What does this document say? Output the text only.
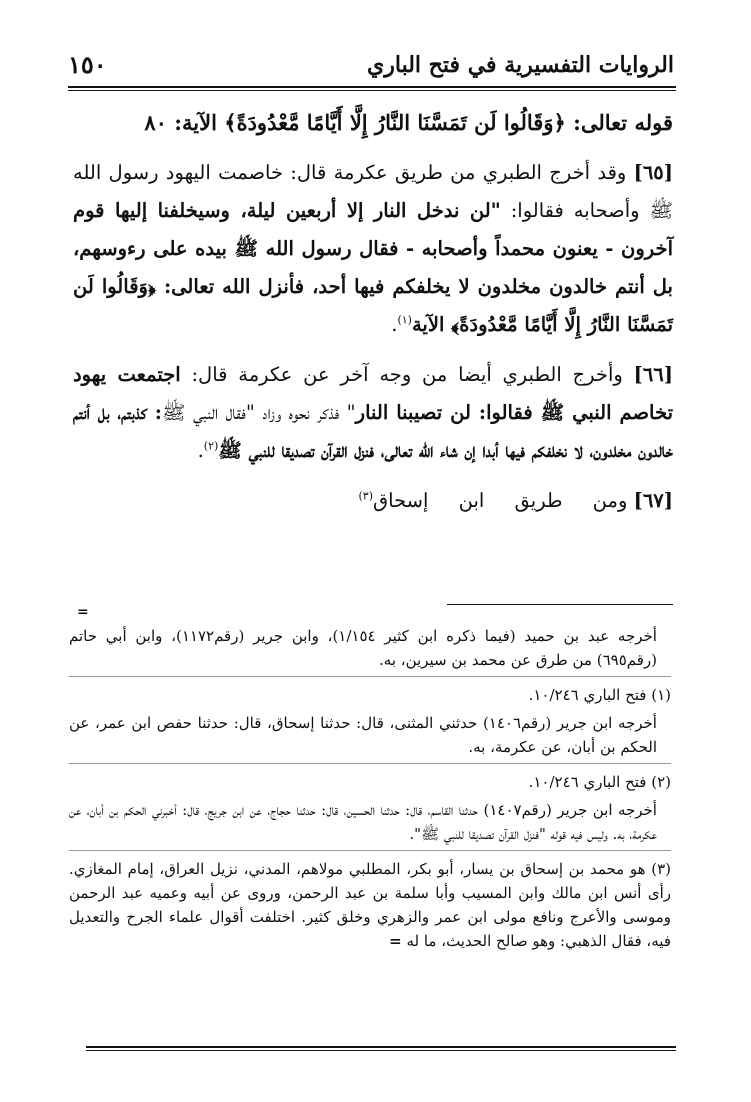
الروايات التفسيرية في فتح الباري
١٥٠

قوله تعالى: ﴿وَقَالُوا لَن تَمَسَّنَا النَّارُ إِلَّا أَيَّامًا مَّعْدُودَةً﴾ الآية: ٨٠

[٦٥] وقد أخرج الطبري من طريق عكرمة قال: خاصمت اليهود رسول الله ﷺ وأصحابه فقالوا: "لن ندخل النار إلا أربعين ليلة، وسيخلفنا إليها قوم آخرون - يعنون محمداً وأصحابه - فقال رسول الله ﷺ بيده على رءوسهم، بل أنتم خالدون مخلدون لا يخلفكم فيها أحد، فأنزل الله تعالى: ﴿وَقَالُوا لَن تَمَسَّنَا النَّارُ إِلَّا أَيَّامًا مَّعْدُودَةً﴾ الآية$^{(١)}$.

[٦٦] وأخرج الطبري أيضا من وجه آخر عن عكرمة قال: اجتمعت يهود تخاصم النبي ﷺ فقالوا: لن تصيبنا النار" فذكر نحوه وزاد "فقال النبي ﷺ: كذبتم، بل أنتم خالدون مخلدون، لا نخلفكم فيها أبدا إن شاء الله تعالى، فنزل القرآن تصديقا للنبي ﷺ$^{(٢)}$.

[٦٧] ومن طريق ابن إسحاق$^{(٣)}$

=
أخرجه عبد بن حميد (فيما ذكره ابن كثير ١/١٥٤)، وابن جرير (رقم١١٧٢)، وابن أبي حاتم (رقم٦٩٥) من طرق عن محمد بن سيرين، به.
(١) فتح الباري ١٠/٢٤٦.
أخرجه ابن جرير (رقم١٤٠٦) حدثني المثنى، قال: حدثنا إسحاق، قال: حدثنا حفص ابن عمر، عن الحكم بن أبان، عن عكرمة، به.
(٢) فتح الباري ١٠/٢٤٦.
أخرجه ابن جرير (رقم١٤٠٧) حدثنا القاسم، قال: حدثنا الحسين، قال: حدثنا حجاج، عن ابن جريج، قال: أخبرني الحكم بن أبان، عن عكرمة، به. وليس فيه قوله "فنزل القرآن تصديقا للنبي ﷺ".
(٣) هو محمد بن إسحاق بن يسار، أبو بكر، المطلبي مولاهم، المدني، نزيل العراق، إمام المغازي. رأى أنس ابن مالك وابن المسيب وأبا سلمة بن عبد الرحمن، وروى عن أبيه وعميه عبد الرحمن وموسى والأعرج ونافع مولى ابن عمر والزهري وخلق كثير. اختلفت أقوال علماء الجرح والتعديل فيه، فقال الذهبي: وهو صالح الحديث، ما له =
